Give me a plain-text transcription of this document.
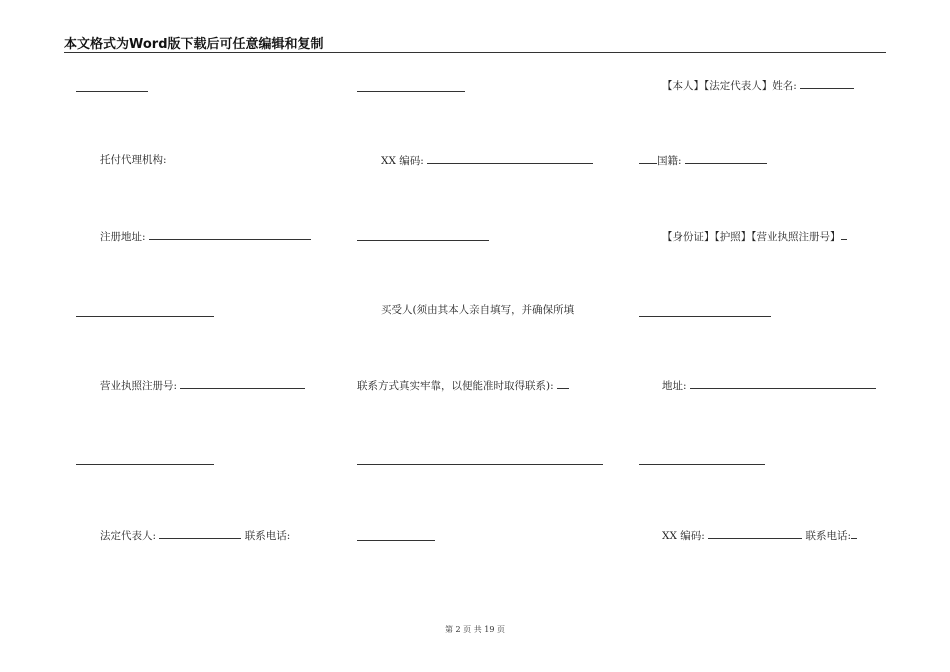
本文格式为Word版下载后可任意编辑和复制
【本人】【法定代表人】姓名:
托付代理机构:	XX 编码:	国籍:
注册地址:	【身份证】【护照】【营业执照注册号】
买受人(须由其本人亲自填写，并确保所填
营业执照注册号:	联系方式真实牢靠，以便能准时取得联系):	地址:
法定代表人:	联系电话:	XX 编码:	联系电话:
第 2 页 共 19 页
